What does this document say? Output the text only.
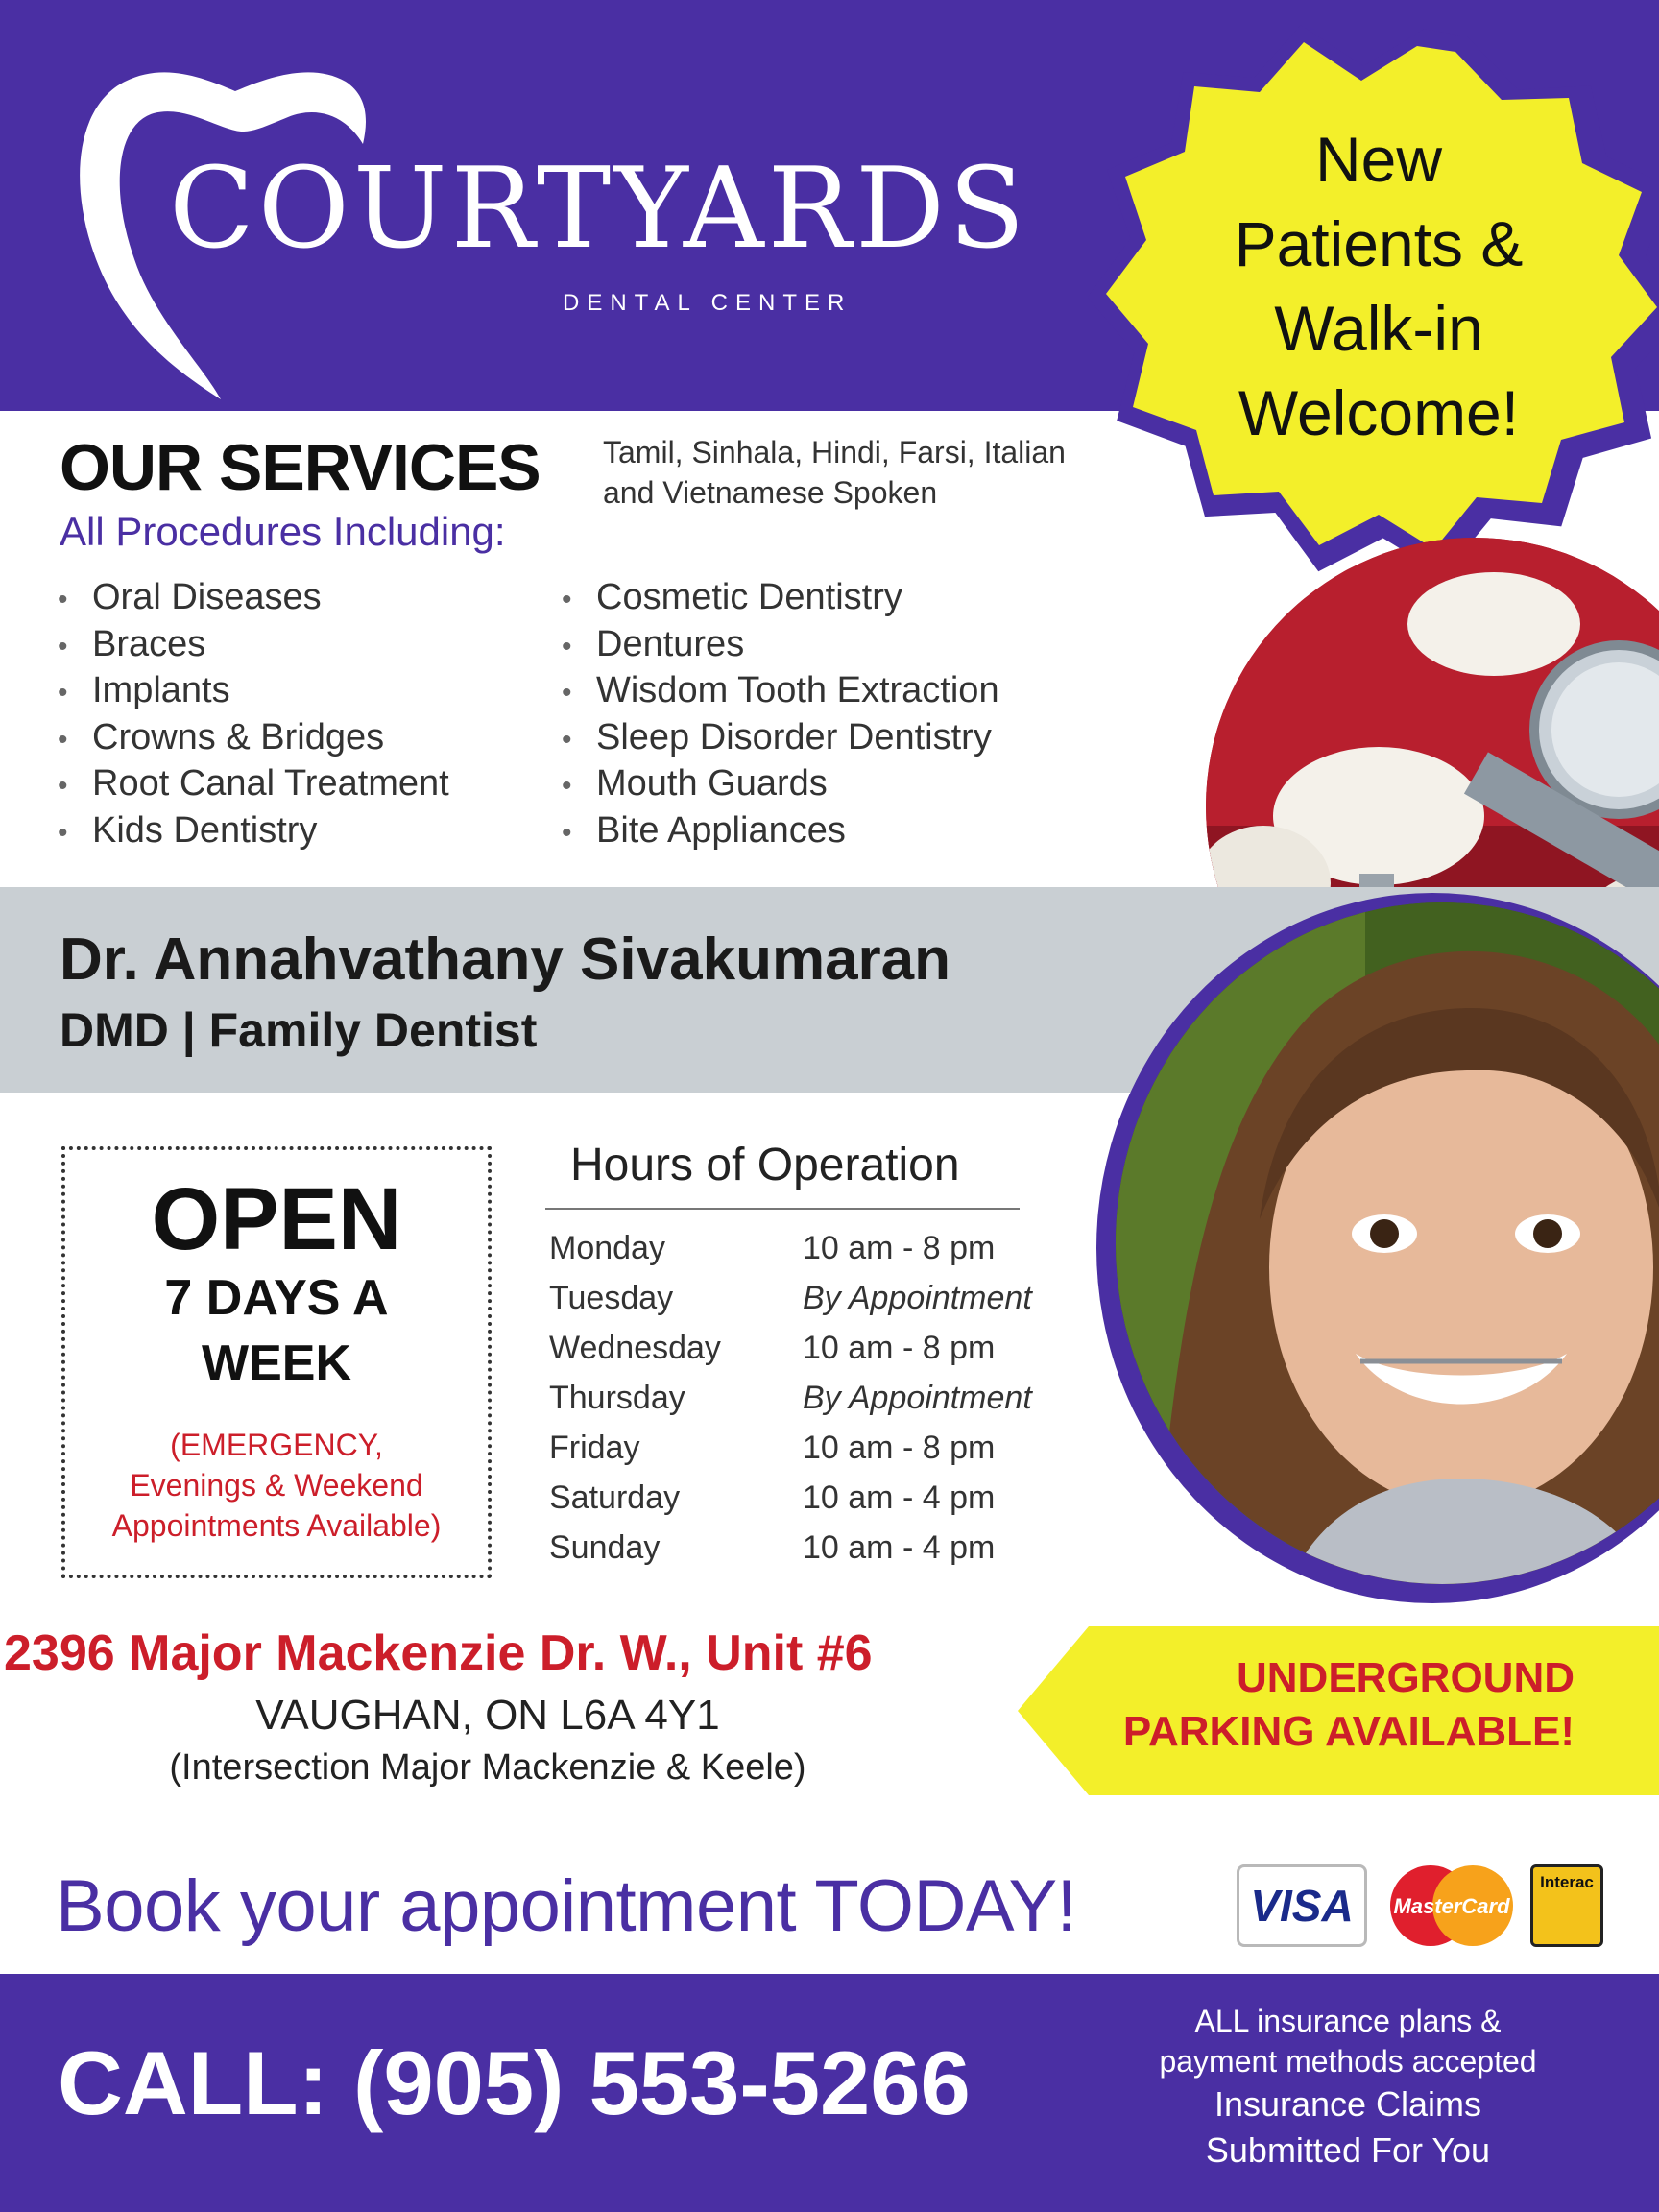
COURTYARDS
DENTAL CENTER
New
Patients &
Walk-in
Welcome!
OUR SERVICES
All Procedures Including:
Tamil, Sinhala, Hindi, Farsi, Italian and Vietnamese Spoken
• Oral Diseases
• Braces
• Implants
• Crowns & Bridges
• Root Canal Treatment
• Kids Dentistry
• Cosmetic Dentistry
• Dentures
• Wisdom Tooth Extraction
• Sleep Disorder Dentistry
• Mouth Guards
• Bite Appliances
Dr. Annahvathany Sivakumaran
DMD | Family Dentist
OPEN
7 DAYS A
WEEK
(EMERGENCY,
Evenings & Weekend
Appointments Available)
Hours of Operation
Monday	10 am - 8 pm
Tuesday	By Appointment
Wednesday	10 am - 8 pm
Thursday	By Appointment
Friday	10 am - 8 pm
Saturday	10 am - 4 pm
Sunday	10 am - 4 pm
2396 Major Mackenzie Dr. W., Unit #6
VAUGHAN, ON L6A 4Y1
(Intersection Major Mackenzie & Keele)
UNDERGROUND
PARKING AVAILABLE!
Book your appointment TODAY!	VISA	MasterCard
Interac
CALL: (905) 553-5266
ALL insurance plans &
payment methods accepted
Insurance Claims
Submitted For You
